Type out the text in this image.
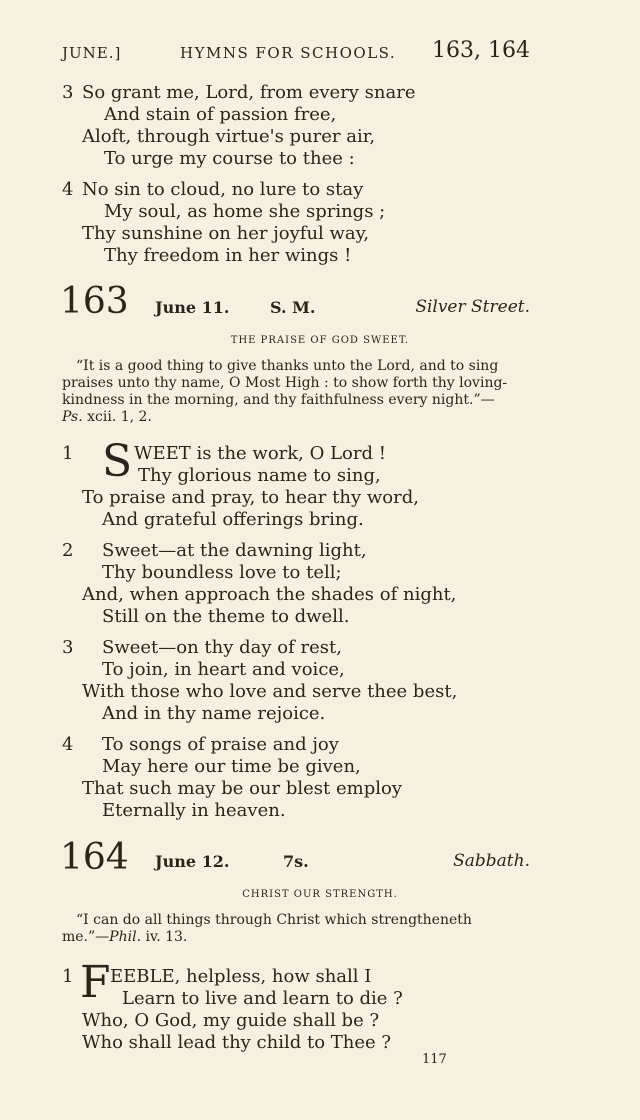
JUNE.]	HYMNS FOR SCHOOLS. 163, 164
3 So grant me, Lord, from every snare
And stain of passion free,
Aloft, through virtue's purer air,
To urge my course to thee :
4 No sin to cloud, no lure to stay
My soul, as home she springs ;
Thy sunshine on her joyful way,
Thy freedom in her wings !
163 June 11.	S. M.	Silver Street.
THE PRAISE OF GOD SWEET.
“It is a good thing to give thanks unto the Lord, and to sing
praises unto thy name, O Most High : to show forth thy loving-
kindness in the morning, and thy faithfulness every night.”—
Ps. xcii. 1, 2.
1 S WEET is the work, O Lord !
Thy glorious name to sing,
To praise and pray, to hear thy word,
And grateful offerings bring.
2 Sweet—at the dawning light,
Thy boundless love to tell;
And, when approach the shades of night,
Still on the theme to dwell.
3 Sweet—on thy day of rest,
To join, in heart and voice,
With those who love and serve thee best,
And in thy name rejoice.
4 To songs of praise and joy
May here our time be given,
That such may be our blest employ
Eternally in heaven.
164 June 12.	7s.	Sabbath.
CHRIST OUR STRENGTH.
“I can do all things through Christ which strengtheneth
me.”—Phil. iv. 13.
1 F EEBLE, helpless, how shall I
Learn to live and learn to die ?
Who, O God, my guide shall be ?
Who shall lead thy child to Thee ?
117
